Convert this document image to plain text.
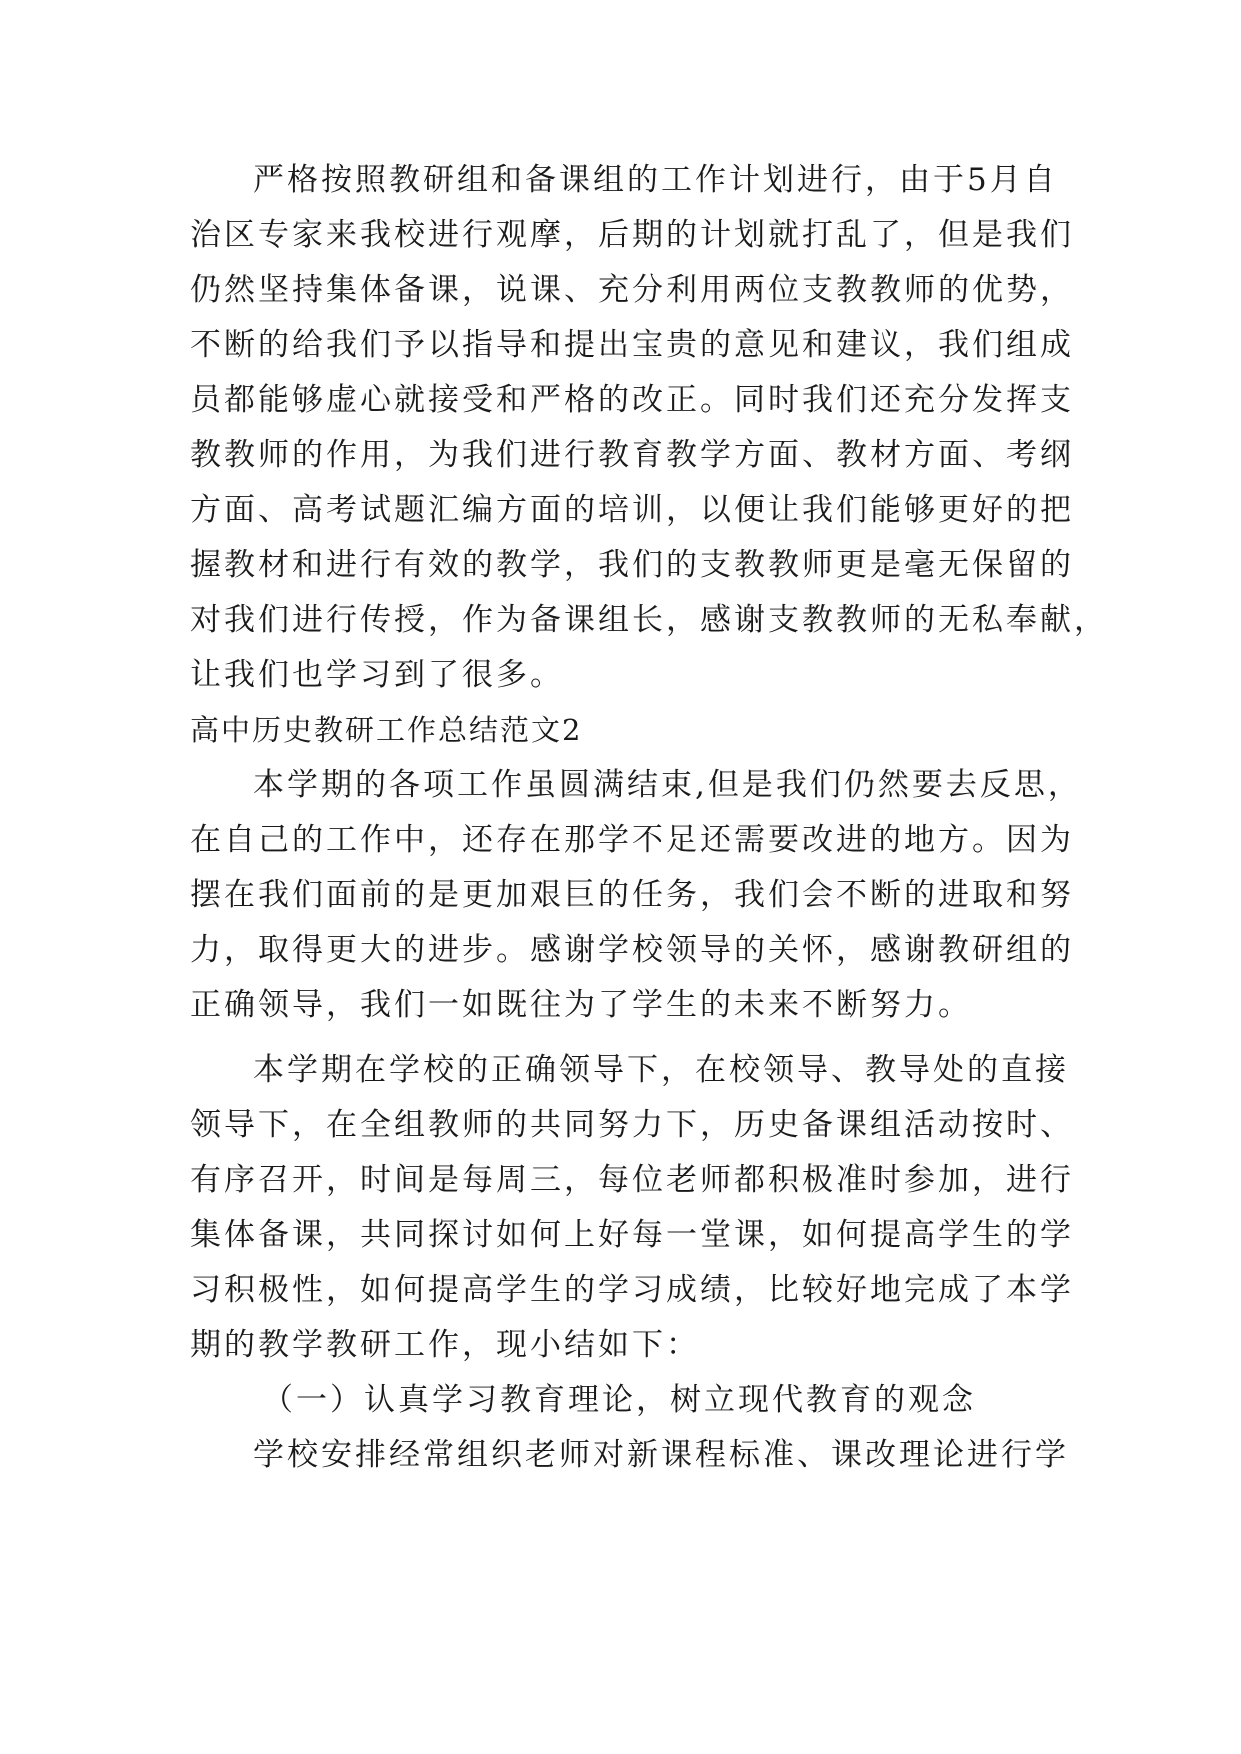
严格按照教研组和备课组的工作计划进行，由于5月自
治区专家来我校进行观摩，后期的计划就打乱了，但是我们
仍然坚持集体备课，说课、充分利用两位支教教师的优势，
不断的给我们予以指导和提出宝贵的意见和建议，我们组成
员都能够虚心就接受和严格的改正。同时我们还充分发挥支
教教师的作用，为我们进行教育教学方面、教材方面、考纲
方面、高考试题汇编方面的培训，以便让我们能够更好的把
握教材和进行有效的教学，我们的支教教师更是毫无保留的
对我们进行传授，作为备课组长，感谢支教教师的无私奉献，
让我们也学习到了很多。
高中历史教研工作总结范文2
本学期的各项工作虽圆满结束,但是我们仍然要去反思，
在自己的工作中，还存在那学不足还需要改进的地方。因为
摆在我们面前的是更加艰巨的任务，我们会不断的进取和努
力，取得更大的进步。感谢学校领导的关怀，感谢教研组的
正确领导，我们一如既往为了学生的未来不断努力。
本学期在学校的正确领导下，在校领导、教导处的直接
领导下，在全组教师的共同努力下，历史备课组活动按时、
有序召开，时间是每周三，每位老师都积极准时参加，进行
集体备课，共同探讨如何上好每一堂课，如何提高学生的学
习积极性，如何提高学生的学习成绩，比较好地完成了本学
期的教学教研工作，现小结如下：
（一）认真学习教育理论，树立现代教育的观念
学校安排经常组织老师对新课程标准、课改理论进行学
